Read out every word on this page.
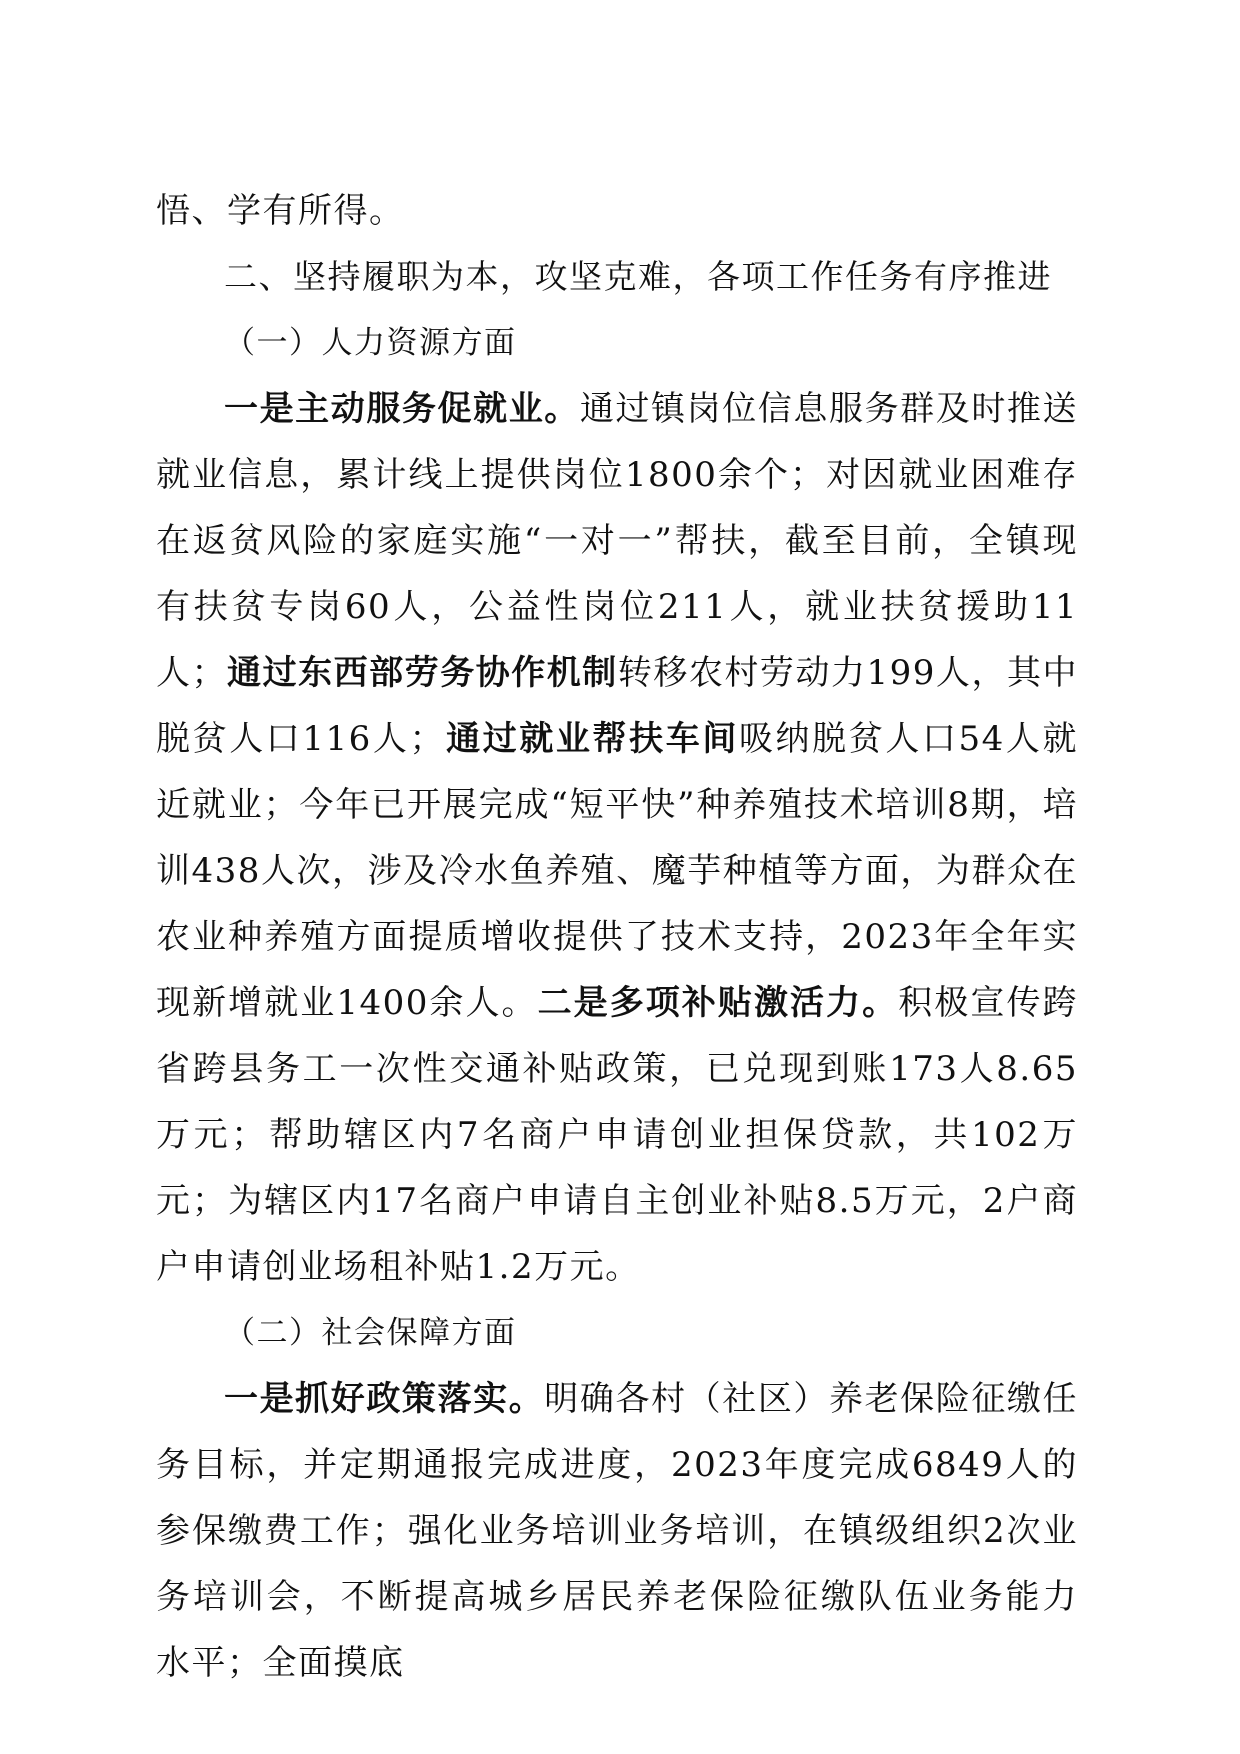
悟、学有所得。

二、坚持履职为本，攻坚克难，各项工作任务有序推进

（一）人力资源方面

一是主动服务促就业。通过镇岗位信息服务群及时推送就业信息，累计线上提供岗位1800余个；对因就业困难存在返贫风险的家庭实施“一对一”帮扶，截至目前，全镇现有扶贫专岗60人，公益性岗位211人，就业扶贫援助11人；通过东西部劳务协作机制转移农村劳动力199人，其中脱贫人口116人；通过就业帮扶车间吸纳脱贫人口54人就近就业；今年已开展完成“短平快”种养殖技术培训8期，培训438人次，涉及冷水鱼养殖、魔芋种植等方面，为群众在农业种养殖方面提质增收提供了技术支持，2023年全年实现新增就业1400余人。二是多项补贴激活力。积极宣传跨省跨县务工一次性交通补贴政策，已兑现到账173人8.65万元；帮助辖区内7名商户申请创业担保贷款，共102万元；为辖区内17名商户申请自主创业补贴8.5万元，2户商户申请创业场租补贴1.2万元。

（二）社会保障方面

一是抓好政策落实。明确各村（社区）养老保险征缴任务目标，并定期通报完成进度，2023年度完成6849人的参保缴费工作；强化业务培训业务培训，在镇级组织2次业务培训会，不断提高城乡居民养老保险征缴队伍业务能力水平；全面摸底
